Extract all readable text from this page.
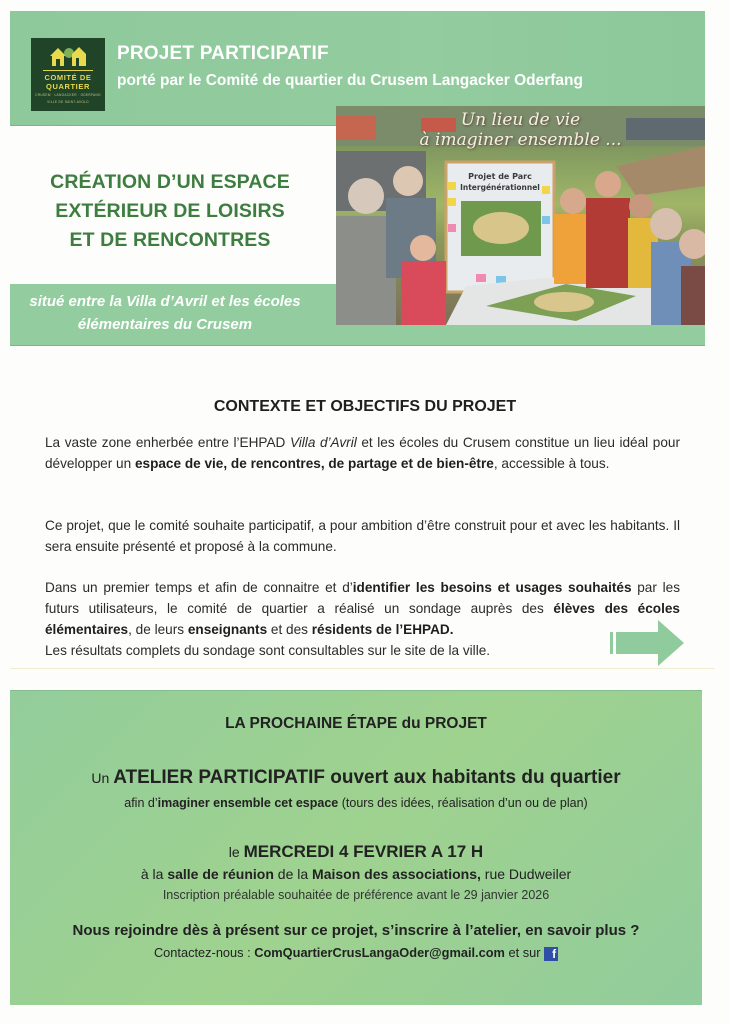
COMITÉ DE
QUARTIER
CRUSEM · LANGACKER · ODERFANG
VILLE DE SAINT-AVOLD
PROJET PARTICIPATIF
porté par le Comité de quartier du Crusem Langacker Oderfang
Projet de Parc
Intergénérationnel
Un lieu de vie
à imaginer ensemble ...
CRÉATION D’UN ESPACE
EXTÉRIEUR DE LOISIRS
ET DE RENCONTRES
situé entre la Villa d’Avril et les écoles
élémentaires du Crusem
CONTEXTE ET OBJECTIFS DU PROJET
La vaste zone enherbée entre l’EHPAD Villa d’Avril et les écoles du Crusem constitue un lieu idéal pour développer un espace de vie, de rencontres, de partage et de bien-être, accessible à tous.
Ce projet, que le comité souhaite participatif, a pour ambition d’être construit pour et avec les habitants. Il sera ensuite présenté et proposé à la commune.
Dans un premier temps et afin de connaitre et d’identifier les besoins et usages souhaités par les futurs utilisateurs, le comité de quartier a réalisé un sondage auprès des élèves des écoles élémentaires, de leurs enseignants et des résidents de l’EHPAD.
Les résultats complets du sondage sont consultables sur le site de la ville.
LA PROCHAINE ÉTAPE du PROJET
Un ATELIER PARTICIPATIF ouvert aux habitants du quartier
afin d’imaginer ensemble cet espace (tours des idées, réalisation d’un ou de plan)
le MERCREDI 4 FEVRIER A 17 H
à la salle de réunion de la Maison des associations, rue Dudweiler
Inscription préalable souhaitée de préférence avant le 29 janvier 2026
Nous rejoindre dès à présent sur ce projet, s’inscrire à l’atelier, en savoir plus ?
Contactez-nous : ComQuartierCrusLangaOder@gmail.com et sur f
